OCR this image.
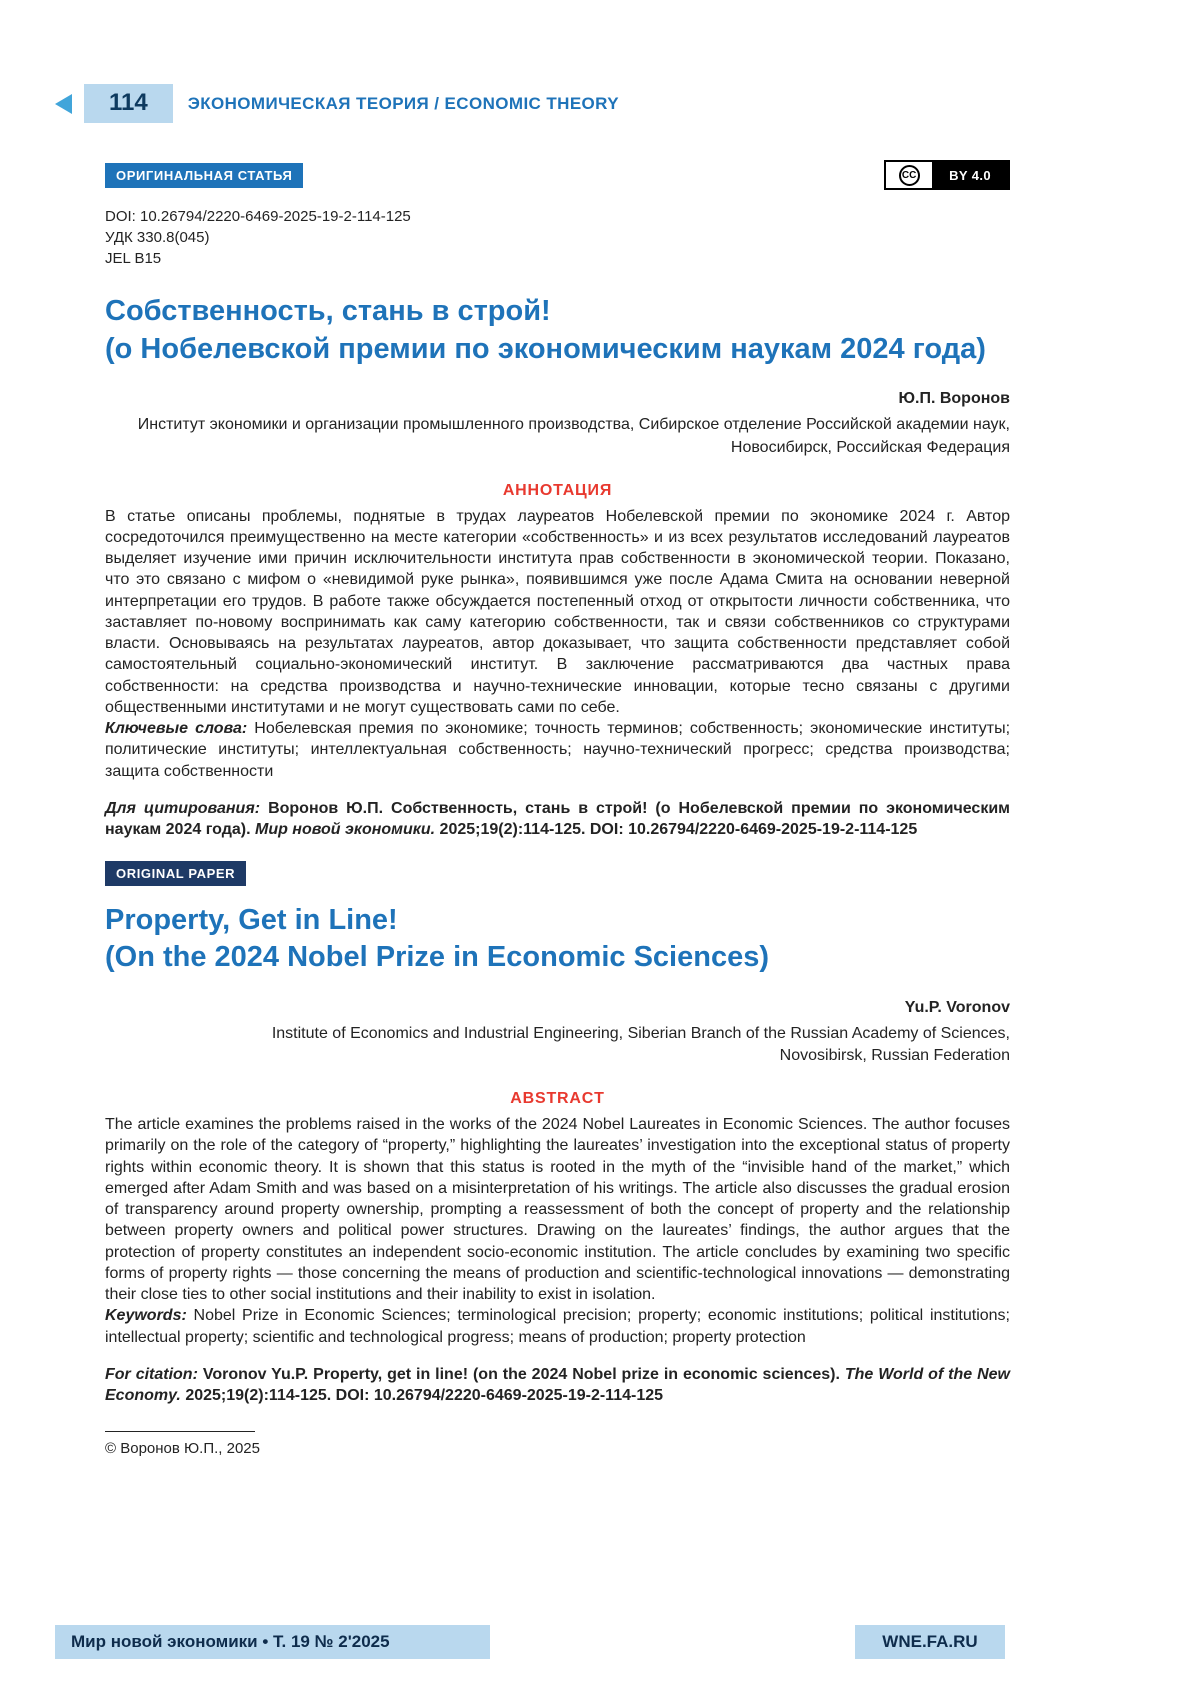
114	ЭКОНОМИЧЕСКАЯ ТЕОРИЯ / ECONOMIC THEORY
ОРИГИНАЛЬНАЯ СТАТЬЯ	CC	BY 4.0
DOI: 10.26794/2220-6469-2025-19-2-114-125
УДК 330.8(045)
JEL B15
Собственность, стань в строй!
(о Нобелевской премии по экономическим наукам 2024 года)
Ю.П. Воронов
Институт экономики и организации промышленного производства, Сибирское отделение Российской академии наук,
Новосибирск, Российская Федерация
АННОТАЦИЯ

В статье описаны проблемы, поднятые в трудах лауреатов Нобелевской премии по экономике 2024 г. Автор сосредоточился преимущественно на месте категории «собственность» и из всех результатов исследований лауреатов выделяет изучение ими причин исключительности института прав собственности в экономической теории. Показано, что это связано с мифом о «невидимой руке рынка», появившимся уже после Адама Смита на основании неверной интерпретации его трудов. В работе также обсуждается постепенный отход от открытости личности собственника, что заставляет по-новому воспринимать как саму категорию собственности, так и связи собственников со структурами власти. Основываясь на результатах лауреатов, автор доказывает, что защита собственности представляет собой самостоятельный социально-экономический институт. В заключение рассматриваются два частных права собственности: на средства производства и научно-технические инновации, которые тесно связаны с другими общественными институтами и не могут существовать сами по себе.

Ключевые слова: Нобелевская премия по экономике; точность терминов; собственность; экономические институты; политические институты; интеллектуальная собственность; научно-технический прогресс; средства производства; защита собственности

Для цитирования: Воронов Ю.П. Собственность, стань в строй! (о Нобелевской премии по экономическим наукам 2024 года). Мир новой экономики. 2025;19(2):114-125. DOI: 10.26794/2220-6469-2025-19-2-114-125

ORIGINAL PAPER
Property, Get in Line!
(On the 2024 Nobel Prize in Economic Sciences)
Yu.P. Voronov
Institute of Economics and Industrial Engineering, Siberian Branch of the Russian Academy of Sciences,
Novosibirsk, Russian Federation
ABSTRACT

The article examines the problems raised in the works of the 2024 Nobel Laureates in Economic Sciences. The author focuses primarily on the role of the category of “property,” highlighting the laureates’ investigation into the exceptional status of property rights within economic theory. It is shown that this status is rooted in the myth of the “invisible hand of the market,” which emerged after Adam Smith and was based on a misinterpretation of his writings. The article also discusses the gradual erosion of transparency around property ownership, prompting a reassessment of both the concept of property and the relationship between property owners and political power structures. Drawing on the laureates’ findings, the author argues that the protection of property constitutes an independent socio-economic institution. The article concludes by examining two specific forms of property rights — those concerning the means of production and scientific-technological innovations — demonstrating their close ties to other social institutions and their inability to exist in isolation.

Keywords: Nobel Prize in Economic Sciences; terminological precision; property; economic institutions; political institutions; intellectual property; scientific and technological progress; means of production; property protection

For citation: Voronov Yu.P. Property, get in line! (on the 2024 Nobel prize in economic sciences). The World of the New Economy. 2025;19(2):114-125. DOI: 10.26794/2220-6469-2025-19-2-114-125

© Воронов Ю.П., 2025
Мир новой экономики • Т. 19 № 2'2025	WNE.FA.RU
